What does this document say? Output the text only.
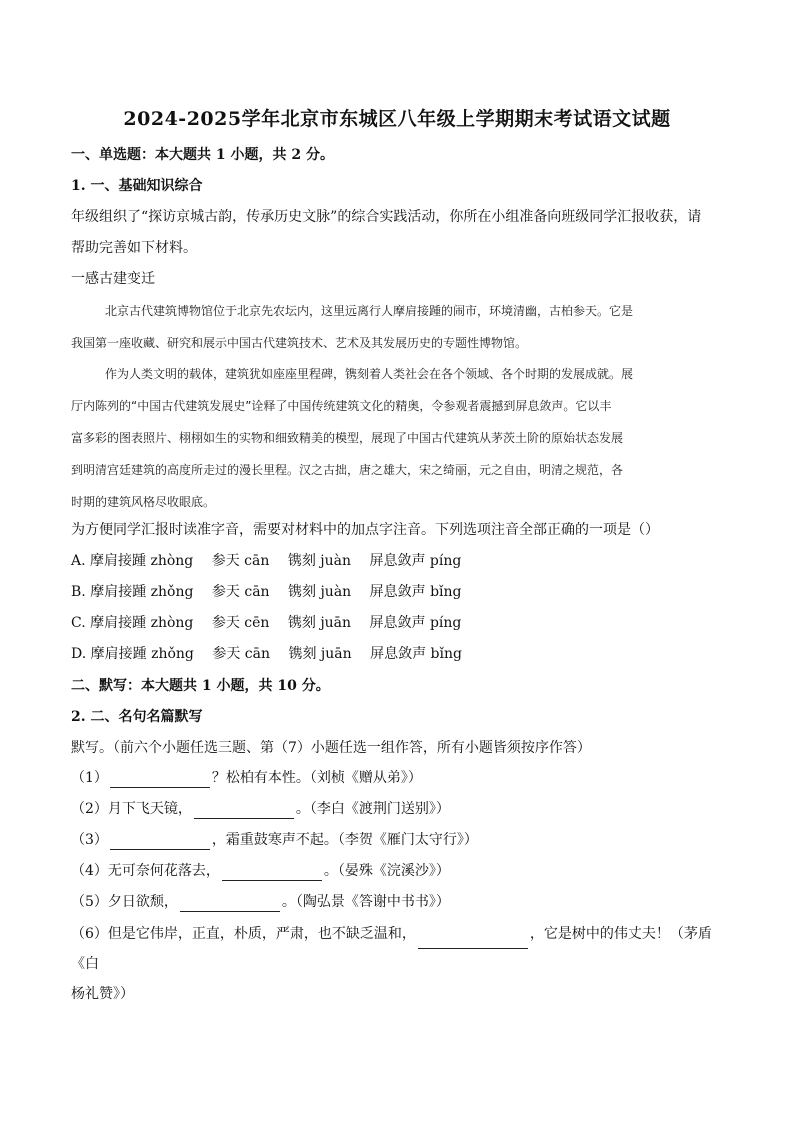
2024-2025学年北京市东城区八年级上学期期末考试语文试题
一、单选题：本大题共 1 小题，共 2 分。
1. 一、基础知识综合
年级组织了“探访京城古韵，传承历史文脉”的综合实践活动，你所在小组准备向班级同学汇报收获，请
帮助完善如下材料。
一感古建变迁

北京古代建筑博物馆位于北京先农坛内，这里远离行人摩肩接踵的闹市，环境清幽，古柏参天。它是

我国第一座收藏、研究和展示中国古代建筑技术、艺术及其发展历史的专题性博物馆。

作为人类文明的载体，建筑犹如座座里程碑，镌刻着人类社会在各个领域、各个时期的发展成就。展

厅内陈列的“中国古代建筑发展史”诠释了中国传统建筑文化的精奥，令参观者震撼到屏息敛声。它以丰

富多彩的图表照片、栩栩如生的实物和细致精美的模型，展现了中国古代建筑从茅茨土阶的原始状态发展

到明清宫廷建筑的高度所走过的漫长里程。汉之古拙，唐之雄大，宋之绮丽，元之自由，明清之规范，各

时期的建筑风格尽收眼底。

为方便同学汇报时读准字音，需要对材料中的加点字注音。下列选项注音全部正确的一项是（）
A. 摩肩接踵 zhòng 参天 cān 镌刻 juàn 屏息敛声 píng
B. 摩肩接踵 zhǒng 参天 cān 镌刻 juàn 屏息敛声 bǐng
C. 摩肩接踵 zhòng 参天 cēn 镌刻 juān 屏息敛声 píng
D. 摩肩接踵 zhǒng 参天 cān 镌刻 juān 屏息敛声 bǐng
二、默写：本大题共 1 小题，共 10 分。
2. 二、名句名篇默写
默写。（前六个小题任选三题、第（7）小题任选一组作答，所有小题皆须按序作答）
（1）	？松柏有本性。（刘桢《赠从弟》）
（2）月下飞天镜，	。（李白《渡荆门送别》）
（3）	，霜重鼓寒声不起。（李贺《雁门太守行》）
（4）无可奈何花落去，	。（晏殊《浣溪沙》）
（5）夕日欲颓，	。（陶弘景《答谢中书书》）

（6）但是它伟岸，正直，朴质，严肃，也不缺乏温和，	，它是树中的伟丈夫！（茅盾《白

杨礼赞》）
